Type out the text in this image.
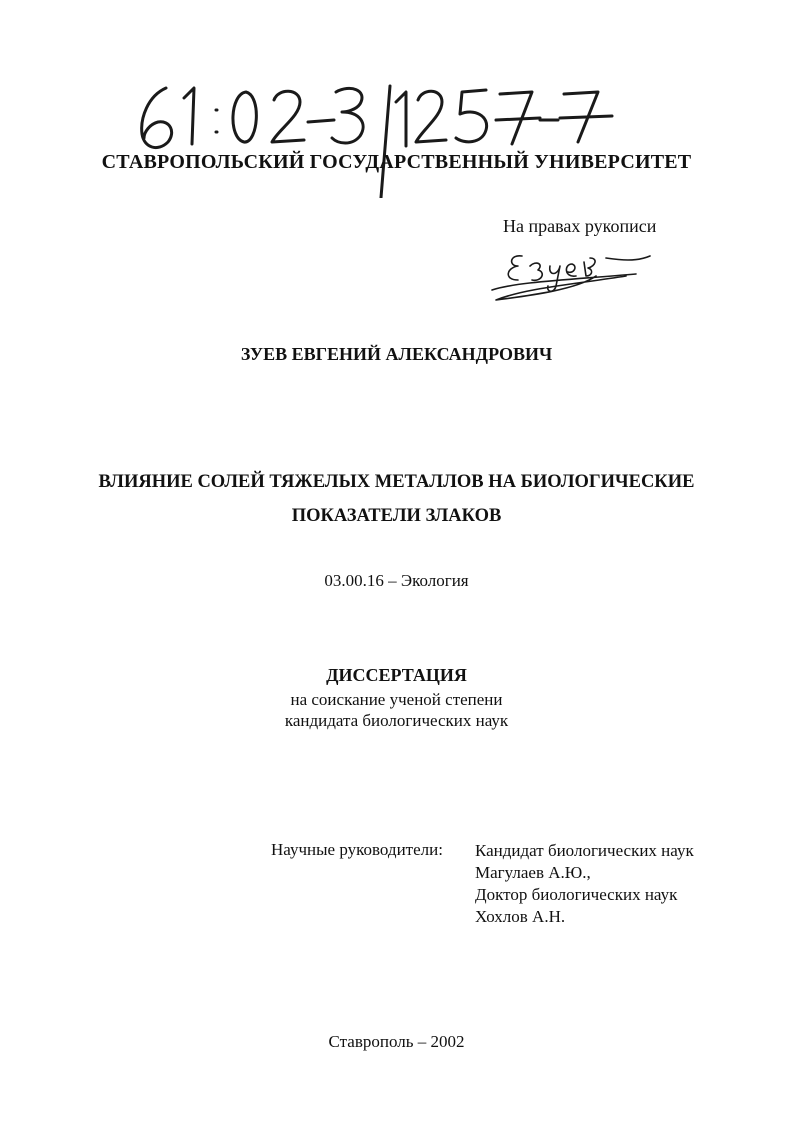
СТАВРОПОЛЬСКИЙ ГОСУДАРСТВЕННЫЙ УНИВЕРСИТЕТ
На правах рукописи
ЗУЕВ ЕВГЕНИЙ АЛЕКСАНДРОВИЧ
ВЛИЯНИЕ СОЛЕЙ ТЯЖЕЛЫХ МЕТАЛЛОВ НА БИОЛОГИЧЕСКИЕ
ПОКАЗАТЕЛИ ЗЛАКОВ
03.00.16 – Экология
ДИССЕРТАЦИЯ
на соискание ученой степени
кандидата биологических наук
Научные руководители: Кандидат биологических наук
Магулаев А.Ю.,
Доктор биологических наук
Хохлов А.Н.
Ставрополь – 2002
